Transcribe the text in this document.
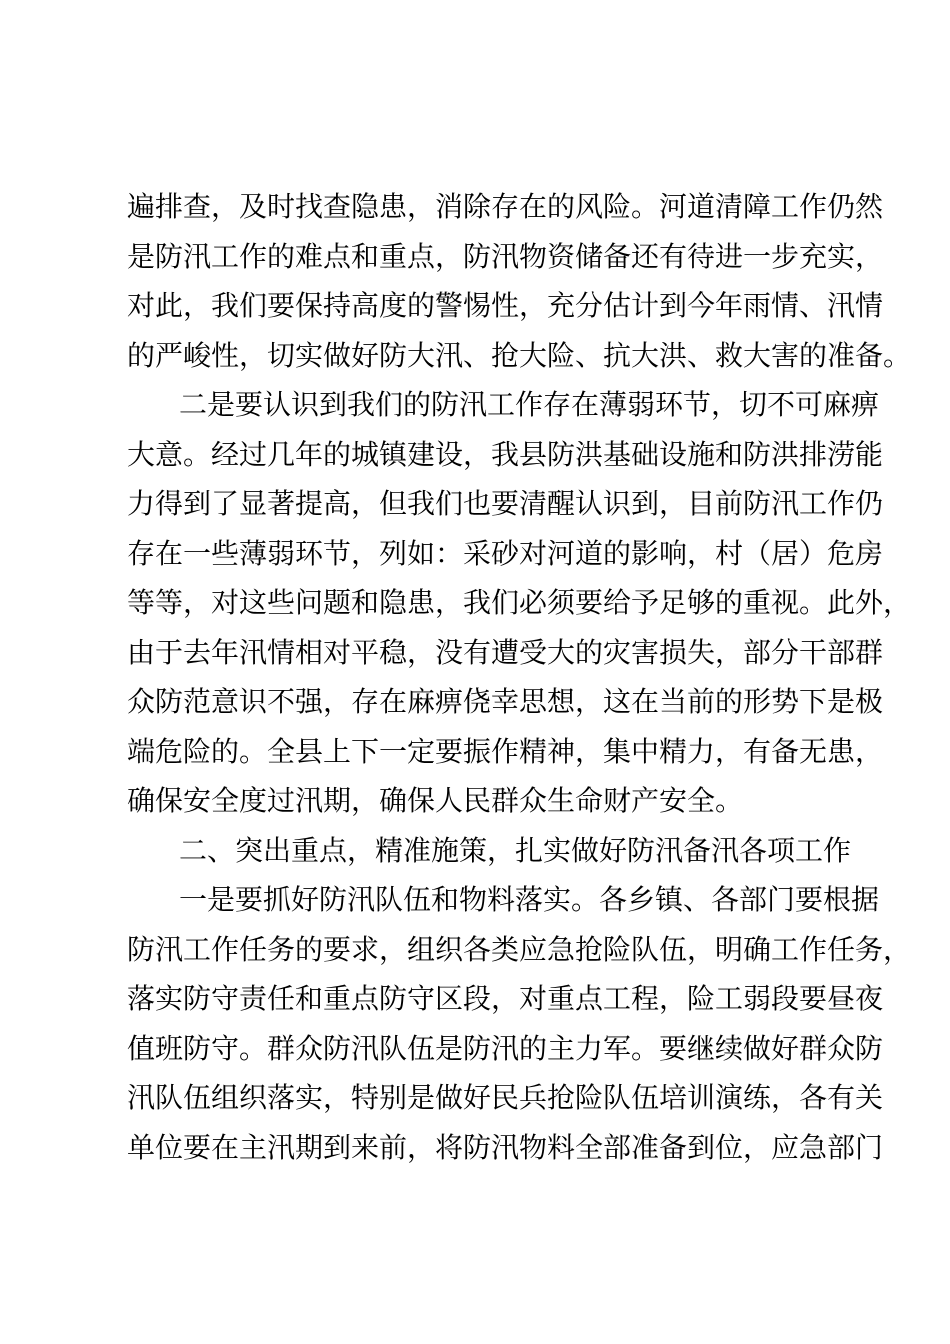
遍排查，及时找查隐患，消除存在的风险。河道清障工作仍然
是防汛工作的难点和重点，防汛物资储备还有待进一步充实，
对此，我们要保持高度的警惕性，充分估计到今年雨情、汛情
的严峻性，切实做好防大汛、抢大险、抗大洪、救大害的准备。
二是要认识到我们的防汛工作存在薄弱环节，切不可麻痹
大意。经过几年的城镇建设，我县防洪基础设施和防洪排涝能
力得到了显著提高，但我们也要清醒认识到，目前防汛工作仍
存在一些薄弱环节，列如：采砂对河道的影响，村（居）危房
等等，对这些问题和隐患，我们必须要给予足够的重视。此外，
由于去年汛情相对平稳，没有遭受大的灾害损失，部分干部群
众防范意识不强，存在麻痹侥幸思想，这在当前的形势下是极
端危险的。全县上下一定要振作精神，集中精力，有备无患，
确保安全度过汛期，确保人民群众生命财产安全。
二、突出重点，精准施策，扎实做好防汛备汛各项工作
一是要抓好防汛队伍和物料落实。各乡镇、各部门要根据
防汛工作任务的要求，组织各类应急抢险队伍，明确工作任务，
落实防守责任和重点防守区段，对重点工程，险工弱段要昼夜
值班防守。群众防汛队伍是防汛的主力军。要继续做好群众防
汛队伍组织落实，特别是做好民兵抢险队伍培训演练，各有关
单位要在主汛期到来前，将防汛物料全部准备到位，应急部门
